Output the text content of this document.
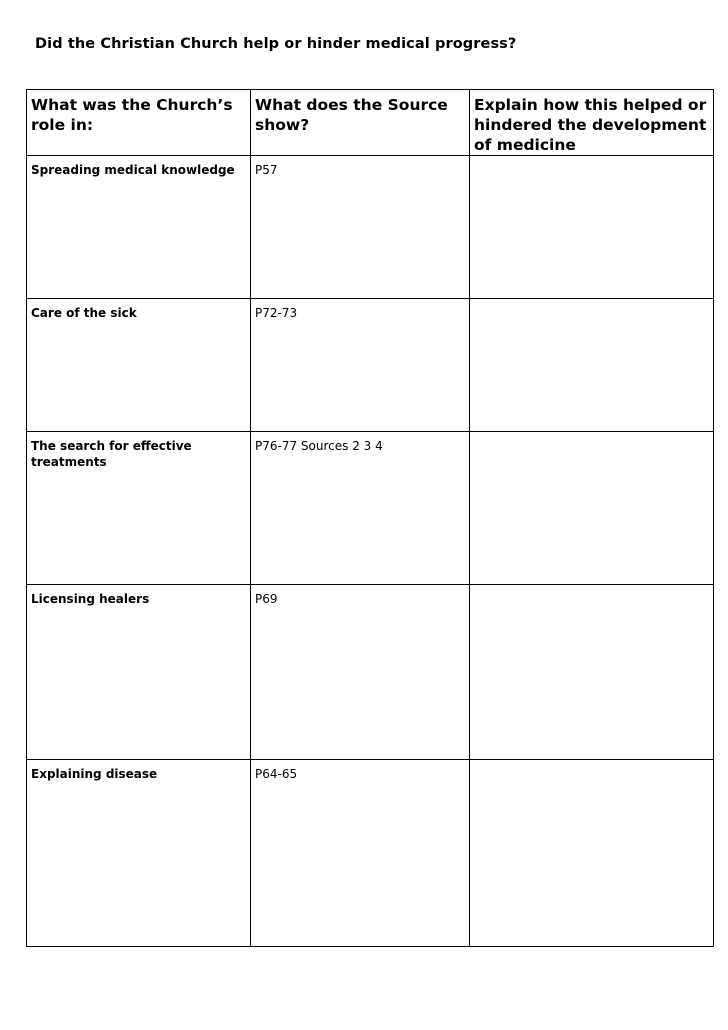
Did the Christian Church help or hinder medical progress?
What was the Church’s role in:	What does the Source show?	Explain how this helped or hindered the development of medicine
Spreading medical knowledge	P57	
Care of the sick	P72-73	
The search for effective treatments	P76-77 Sources 2 3 4	
Licensing healers	P69	
Explaining disease	P64-65	
